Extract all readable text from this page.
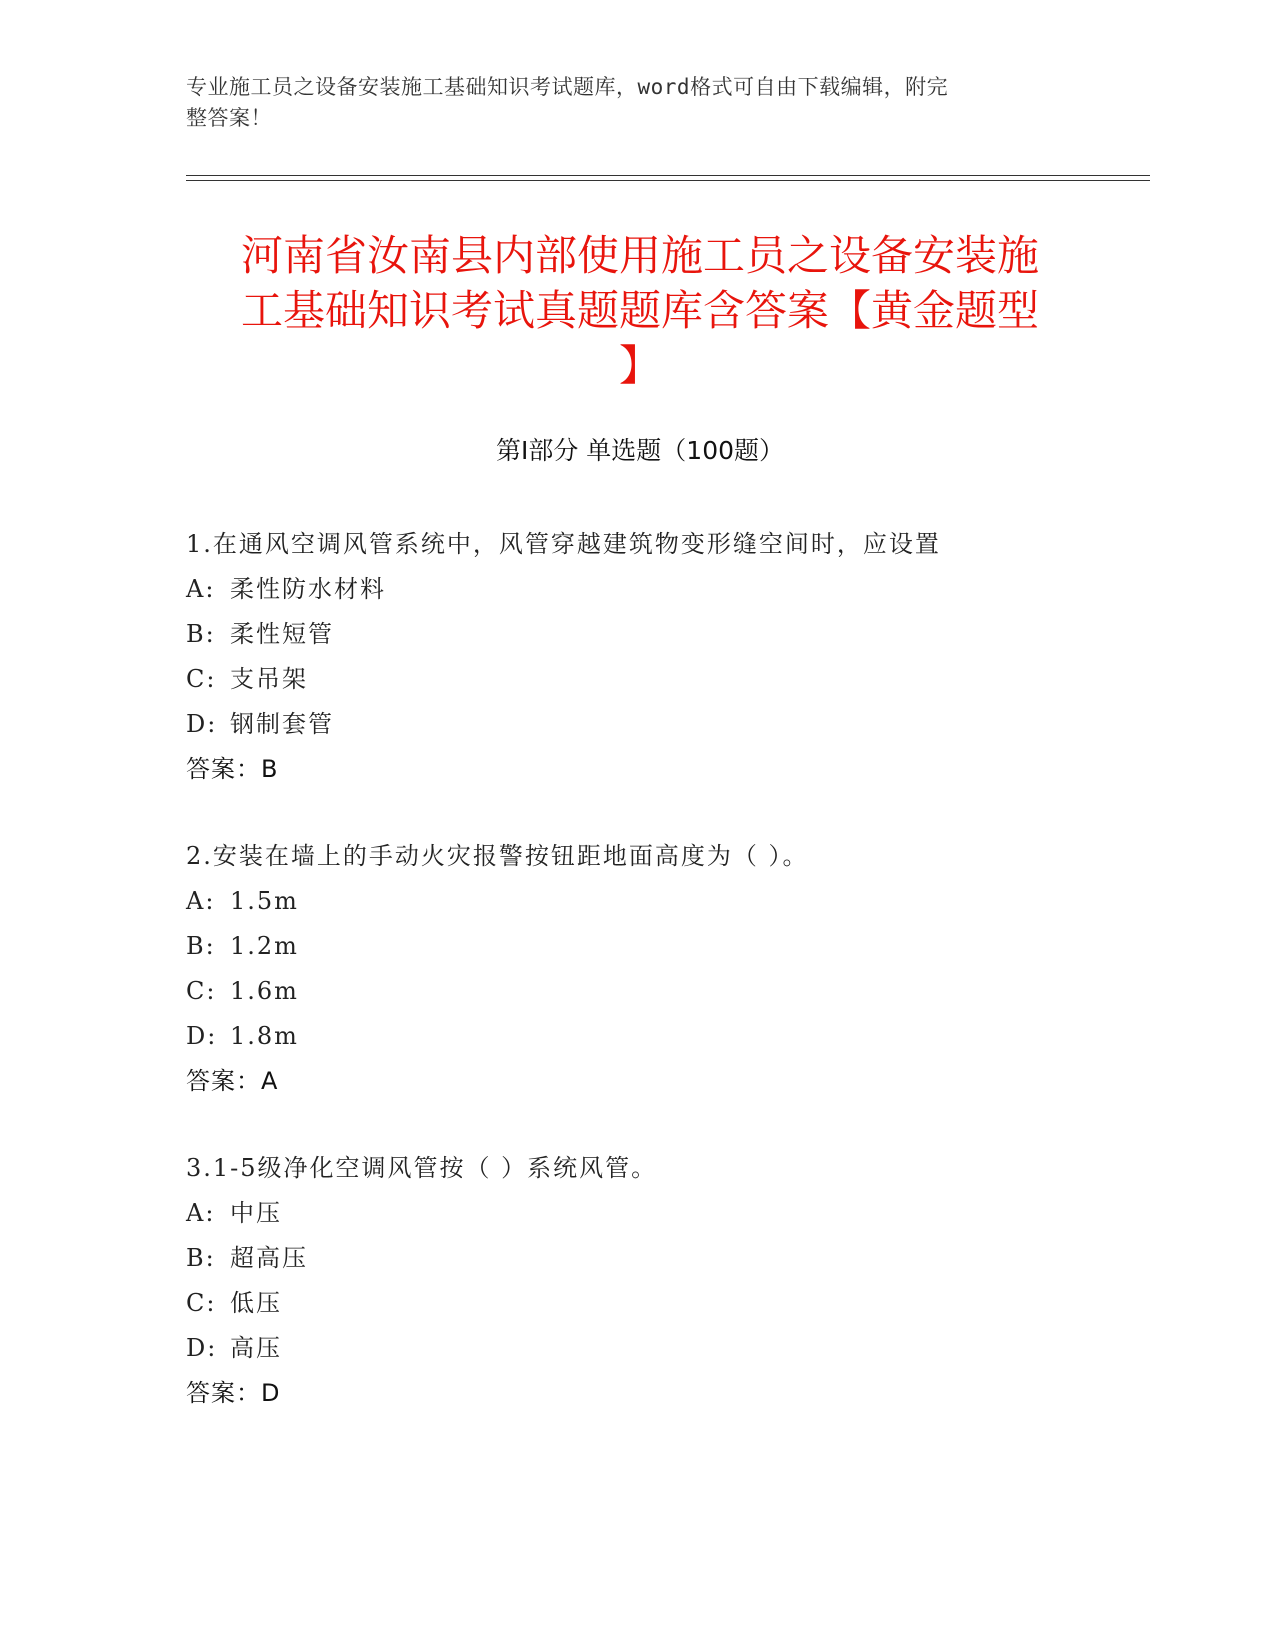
专业施工员之设备安装施工基础知识考试题库，word格式可自由下载编辑，附完
整答案！
河南省汝南县内部使用施工员之设备安装施
工基础知识考试真题题库含答案【黄金题型
】
第Ⅰ部分 单选题（100题）
1.在通风空调风管系统中，风管穿越建筑物变形缝空间时，应设置
A: 柔性防水材料
B: 柔性短管
C: 支吊架
D: 钢制套管
答案：B
2.安装在墙上的手动火灾报警按钮距地面高度为（ ）。
A: 1.5m
B: 1.2m
C: 1.6m
D: 1.8m
答案：A
3.1-5级净化空调风管按（ ）系统风管。
A: 中压
B: 超高压
C: 低压
D: 高压
答案：D
